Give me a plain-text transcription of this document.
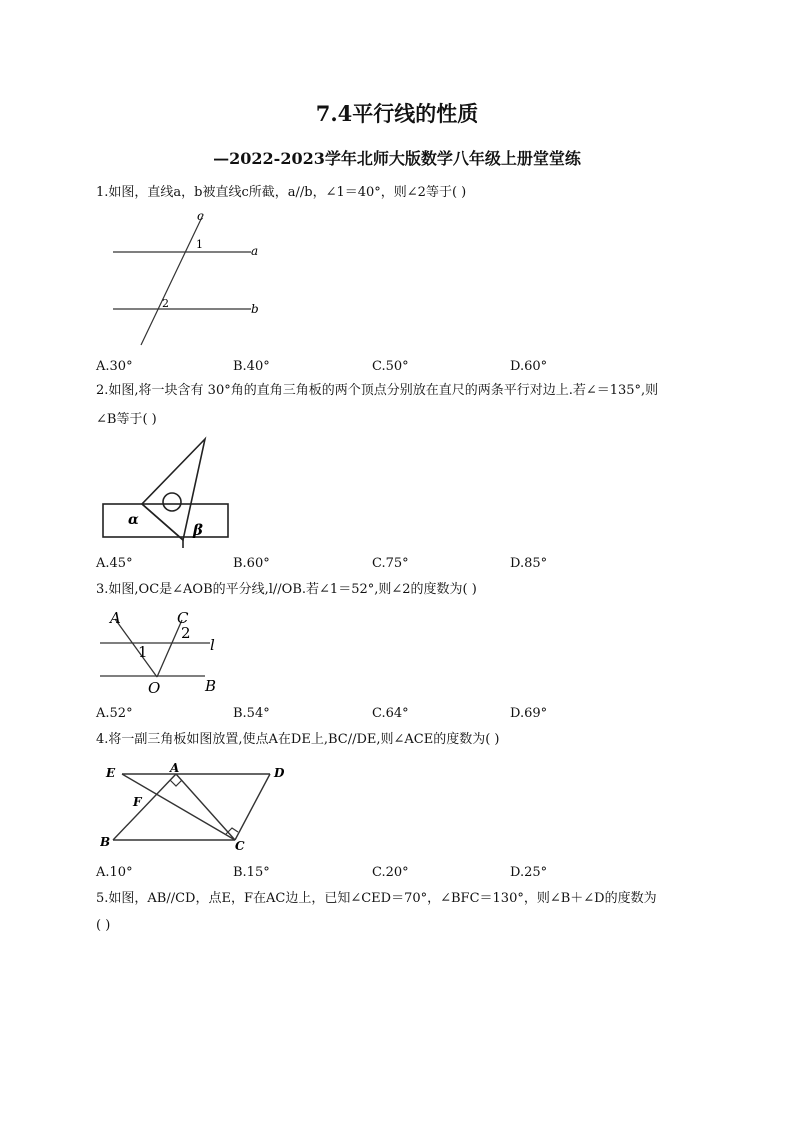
7.4平行线的性质
—2022-2023学年北师大版数学八年级上册堂堂练
1.如图，直线a，b被直线c所截，a//b，∠1＝40°，则∠2等于( )
c
a
b
1
2
A.30°	B.40°	C.50°	D.60°
2.如图,将一块含有 30°角的直角三角板的两个顶点分别放在直尺的两条平行对边上.若∠＝135°,则
∠B等于( )
α
β
A.45°	B.60°	C.75°	D.85°
3.如图,OC是∠AOB的平分线,l//OB.若∠1＝52°,则∠2的度数为( )
A	C
2
1	l
O	B
A.52°	B.54°	C.64°	D.69°
4.将一副三角板如图放置,使点A在DE上,BC//DE,则∠ACE的度数为( )
E	A	D
F
B	C
A.10°	B.15°	C.20°	D.25°
5.如图，AB//CD，点E，F在AC边上，已知∠CED＝70°，∠BFC＝130°，则∠B＋∠D的度数为
( )
